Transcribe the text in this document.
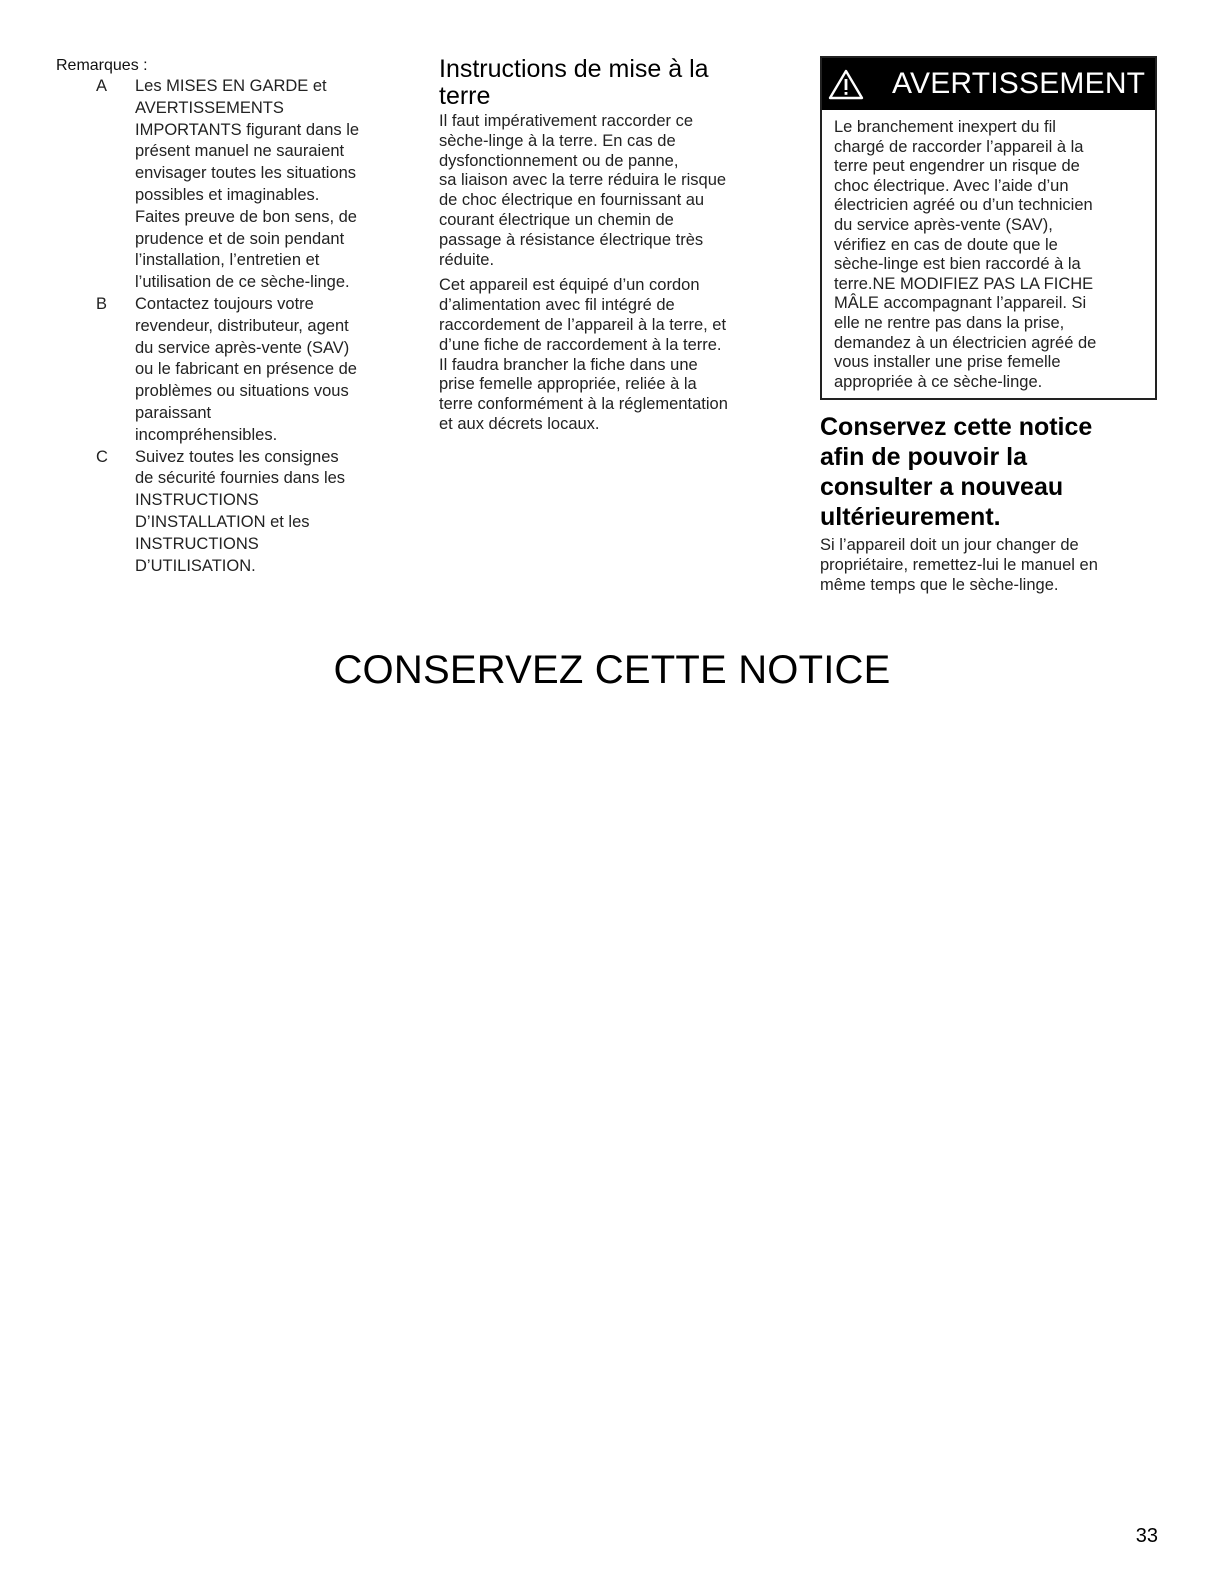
Remarques :

A	Les MISES EN GARDE et
AVERTISSEMENTS
IMPORTANTS figurant dans le
présent manuel ne sauraient
envisager toutes les situations
possibles et imaginables.
Faites preuve de bon sens, de
prudence et de soin pendant
l’installation, l’entretien et
l’utilisation de ce sèche-linge.
B	Contactez toujours votre
revendeur, distributeur, agent
du service après-vente (SAV)
ou le fabricant en présence de
problèmes ou situations vous
paraissant
incompréhensibles.
C	Suivez toutes les consignes
de sécurité fournies dans les
INSTRUCTIONS
D’INSTALLATION et les
INSTRUCTIONS
D’UTILISATION.
Instructions de mise à la
terre

Il faut impérativement raccorder ce
sèche-linge à la terre. En cas de
dysfonctionnement ou de panne,
sa liaison avec la terre réduira le risque
de choc électrique en fournissant au
courant électrique un chemin de
passage à résistance électrique très
réduite.

Cet appareil est équipé d’un cordon
d’alimentation avec fil intégré de
raccordement de l’appareil à la terre, et
d’une fiche de raccordement à la terre.
Il faudra brancher la fiche dans une
prise femelle appropriée, reliée à la
terre conformément à la réglementation
et aux décrets locaux.

AVERTISSEMENT
Le branchement inexpert du fil
chargé de raccorder l’appareil à la
terre peut engendrer un risque de
choc électrique. Avec l’aide d’un
électricien agréé ou d’un technicien
du service après-vente (SAV),
vérifiez en cas de doute que le
sèche-linge est bien raccordé à la
terre.NE MODIFIEZ PAS LA FICHE
MÂLE accompagnant l’appareil. Si
elle ne rentre pas dans la prise,
demandez à un électricien agréé de
vous installer une prise femelle
appropriée à ce sèche-linge.
Conservez cette notice
afin de pouvoir la
consulter a nouveau
ultérieurement.

Si l’appareil doit un jour changer de
propriétaire, remettez-lui le manuel en
même temps que le sèche-linge.

CONSERVEZ CETTE NOTICE
33
